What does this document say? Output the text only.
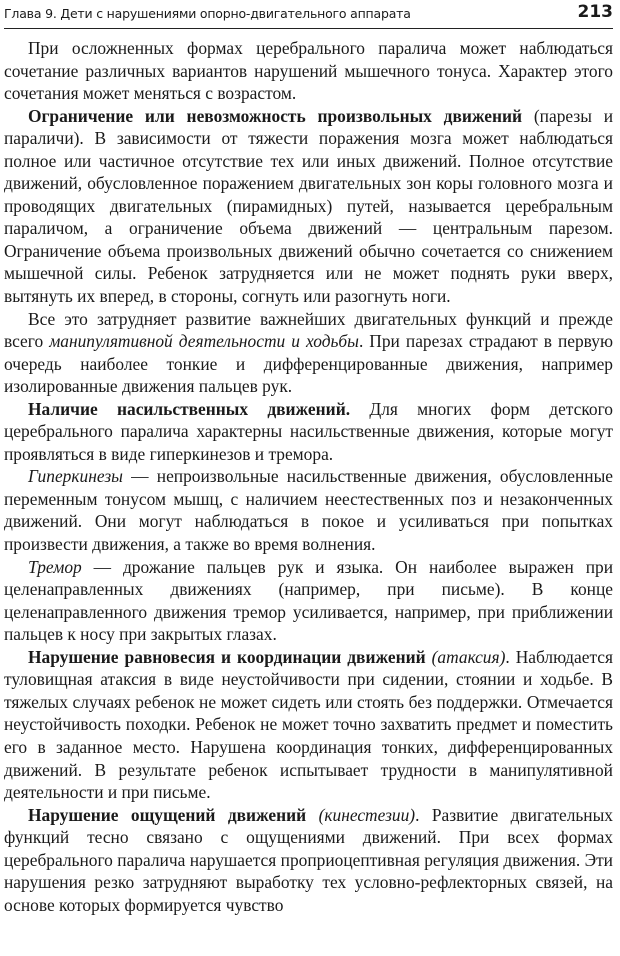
Глава 9. Дети с нарушениями опорно-двигательного аппарата	213

При осложненных формах церебрального паралича может наблюдаться сочетание различных вариантов нарушений мышечного тонуса. Характер этого сочетания может меняться с возрастом.

Ограничение или невозможность произвольных движений (парезы и параличи). В зависимости от тяжести поражения мозга может наблюдаться полное или частичное отсутствие тех или иных движений. Полное отсутствие движений, обусловленное поражением двигательных зон коры головного мозга и проводящих двигательных (пирамидных) путей, называется церебральным параличом, а ограничение объема движений — центральным парезом. Ограничение объема произвольных движений обычно сочетается со снижением мышечной силы. Ребенок затрудняется или не может поднять руки вверх, вытянуть их вперед, в стороны, согнуть или разогнуть ноги.

Все это затрудняет развитие важнейших двигательных функций и прежде всего манипулятивной деятельности и ходьбы. При парезах страдают в первую очередь наиболее тонкие и дифференцированные движения, например изолированные движения пальцев рук.

Наличие насильственных движений. Для многих форм детского церебрального паралича характерны насильственные движения, которые могут проявляться в виде гиперкинезов и тремора.

Гиперкинезы — непроизвольные насильственные движения, обусловленные переменным тонусом мышц, с наличием неестественных поз и незаконченных движений. Они могут наблюдаться в покое и усиливаться при попытках произвести движения, а также во время волнения.

Тремор — дрожание пальцев рук и языка. Он наиболее выражен при целенаправленных движениях (например, при письме). В конце целенаправленного движения тремор усиливается, например, при приближении пальцев к носу при закрытых глазах.

Нарушение равновесия и координации движений (атаксия). Наблюдается туловищная атаксия в виде неустойчивости при сидении, стоянии и ходьбе. В тяжелых случаях ребенок не может сидеть или стоять без поддержки. Отмечается неустойчивость походки. Ребенок не может точно захватить предмет и поместить его в заданное место. Нарушена координация тонких, дифференцированных движений. В результате ребенок испытывает трудности в манипулятивной деятельности и при письме.

Нарушение ощущений движений (кинестезии). Развитие двигательных функций тесно связано с ощущениями движений. При всех формах церебрального паралича нарушается проприоцептивная регуляция движения. Эти нарушения резко затрудняют выработку тех условно-рефлекторных связей, на основе которых формируется чувство
